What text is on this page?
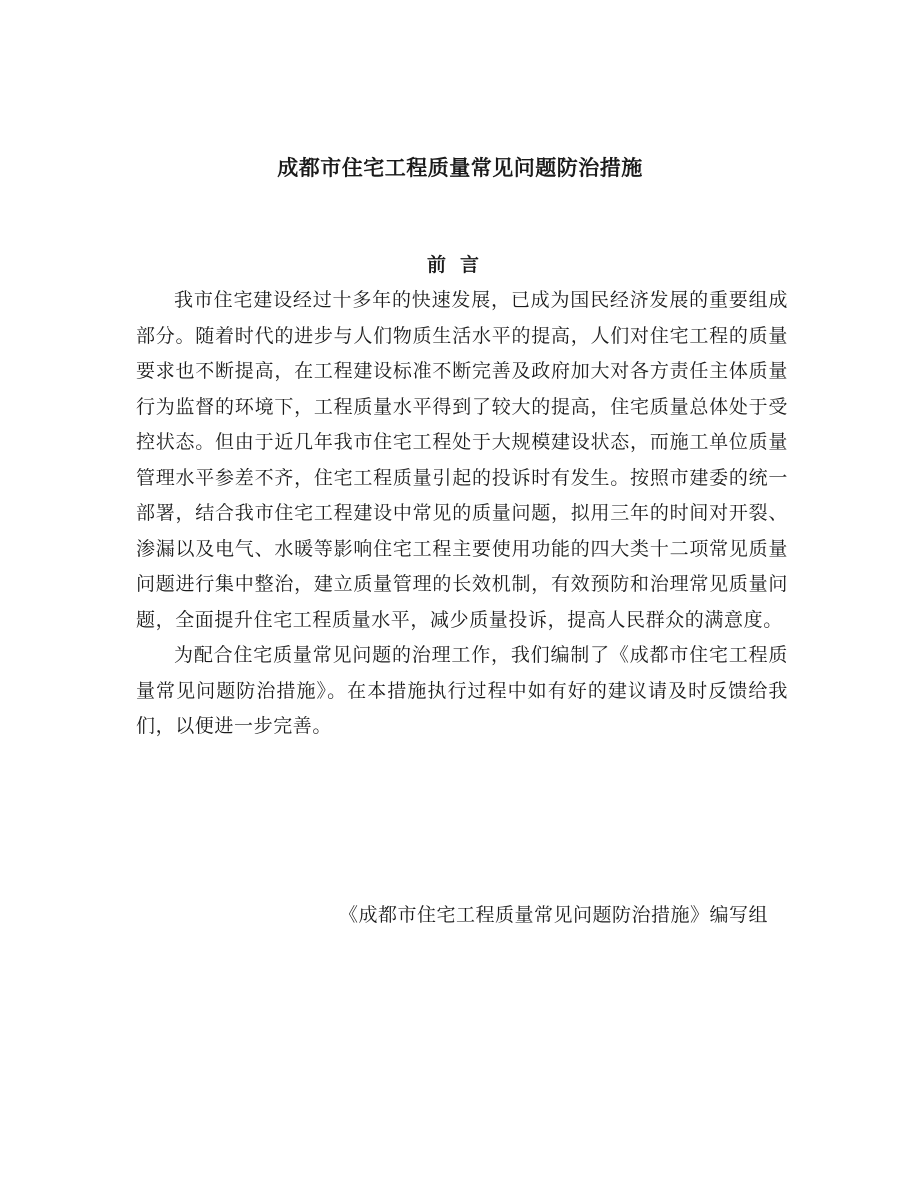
成都市住宅工程质量常见问题防治措施
前言

我市住宅建设经过十多年的快速发展，已成为国民经济发展的重要组成部分。随着时代的进步与人们物质生活水平的提高，人们对住宅工程的质量要求也不断提高，在工程建设标准不断完善及政府加大对各方责任主体质量行为监督的环境下，工程质量水平得到了较大的提高，住宅质量总体处于受控状态。但由于近几年我市住宅工程处于大规模建设状态，而施工单位质量管理水平参差不齐，住宅工程质量引起的投诉时有发生。按照市建委的统一部署，结合我市住宅工程建设中常见的质量问题，拟用三年的时间对开裂、渗漏以及电气、水暖等影响住宅工程主要使用功能的四大类十二项常见质量问题进行集中整治，建立质量管理的长效机制，有效预防和治理常见质量问题，全面提升住宅工程质量水平，减少质量投诉，提高人民群众的满意度。

为配合住宅质量常见问题的治理工作，我们编制了《成都市住宅工程质量常见问题防治措施》。在本措施执行过程中如有好的建议请及时反馈给我们，以便进一步完善。

《成都市住宅工程质量常见问题防治措施》编写组
